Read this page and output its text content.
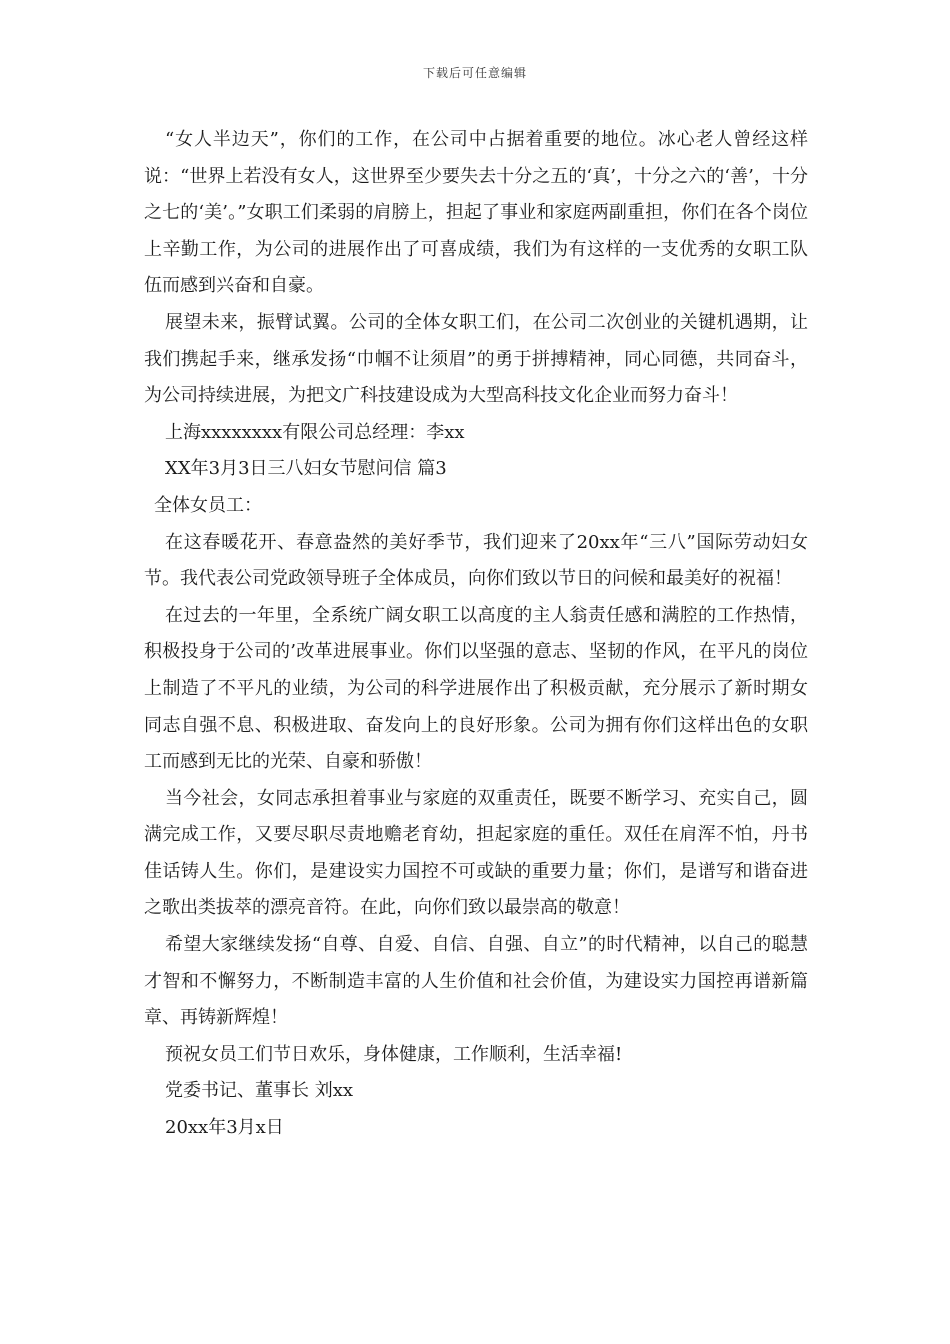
下载后可任意编辑

“女人半边天”，你们的工作，在公司中占据着重要的地位。冰心老人曾经这样说：“世界上若没有女人，这世界至少要失去十分之五的‘真’，十分之六的‘善’，十分之七的‘美’。”女职工们柔弱的肩膀上，担起了事业和家庭两副重担，你们在各个岗位上辛勤工作，为公司的进展作出了可喜成绩，我们为有这样的一支优秀的女职工队伍而感到兴奋和自豪。

展望未来，振臂试翼。公司的全体女职工们，在公司二次创业的关键机遇期，让我们携起手来，继承发扬“巾帼不让须眉”的勇于拼搏精神，同心同德，共同奋斗，为公司持续进展，为把文广科技建设成为大型高科技文化企业而努力奋斗！

上海xxxxxxxx有限公司总经理：李xx

XX年3月3日三八妇女节慰问信 篇3

全体女员工：

在这春暖花开、春意盎然的美好季节，我们迎来了20xx年“三八”国际劳动妇女节。我代表公司党政领导班子全体成员，向你们致以节日的问候和最美好的祝福！

在过去的一年里，全系统广阔女职工以高度的主人翁责任感和满腔的工作热情，积极投身于公司的’改革进展事业。你们以坚强的意志、坚韧的作风，在平凡的岗位上制造了不平凡的业绩，为公司的科学进展作出了积极贡献，充分展示了新时期女同志自强不息、积极进取、奋发向上的良好形象。公司为拥有你们这样出色的女职工而感到无比的光荣、自豪和骄傲！

当今社会，女同志承担着事业与家庭的双重责任，既要不断学习、充实自己，圆满完成工作，又要尽职尽责地赡老育幼，担起家庭的重任。双任在肩浑不怕，丹书佳话铸人生。你们，是建设实力国控不可或缺的重要力量；你们，是谱写和谐奋进之歌出类拔萃的漂亮音符。在此，向你们致以最崇高的敬意！

希望大家继续发扬“自尊、自爱、自信、自强、自立”的时代精神，以自己的聪慧才智和不懈努力，不断制造丰富的人生价值和社会价值，为建设实力国控再谱新篇章、再铸新辉煌！

预祝女员工们节日欢乐，身体健康，工作顺利，生活幸福!

党委书记、董事长 刘xx

20xx年3月x日
